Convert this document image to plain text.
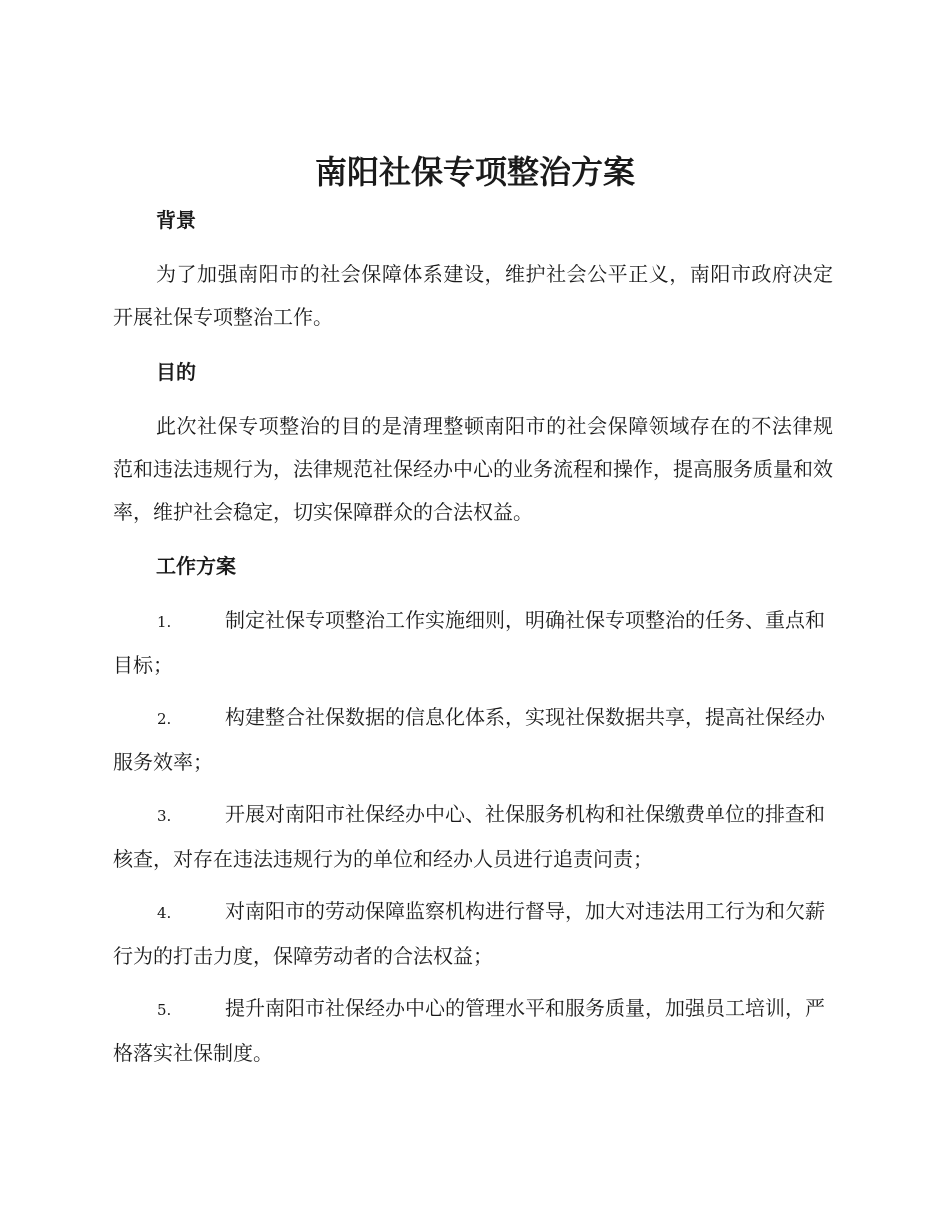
南阳社保专项整治方案
背景

为了加强南阳市的社会保障体系建设，维护社会公平正义，南阳市政府决定开展社保专项整治工作。

目的

此次社保专项整治的目的是清理整顿南阳市的社会保障领域存在的不法律规范和违法违规行为，法律规范社保经办中心的业务流程和操作，提高服务质量和效率，维护社会稳定，切实保障群众的合法权益。

工作方案

1.	制定社保专项整治工作实施细则，明确社保专项整治的任务、重点和目标；

2.	构建整合社保数据的信息化体系，实现社保数据共享，提高社保经办服务效率；

3.	开展对南阳市社保经办中心、社保服务机构和社保缴费单位的排查和核查，对存在违法违规行为的单位和经办人员进行追责问责；

4.	对南阳市的劳动保障监察机构进行督导，加大对违法用工行为和欠薪行为的打击力度，保障劳动者的合法权益；

5.	提升南阳市社保经办中心的管理水平和服务质量，加强员工培训，严格落实社保制度。
